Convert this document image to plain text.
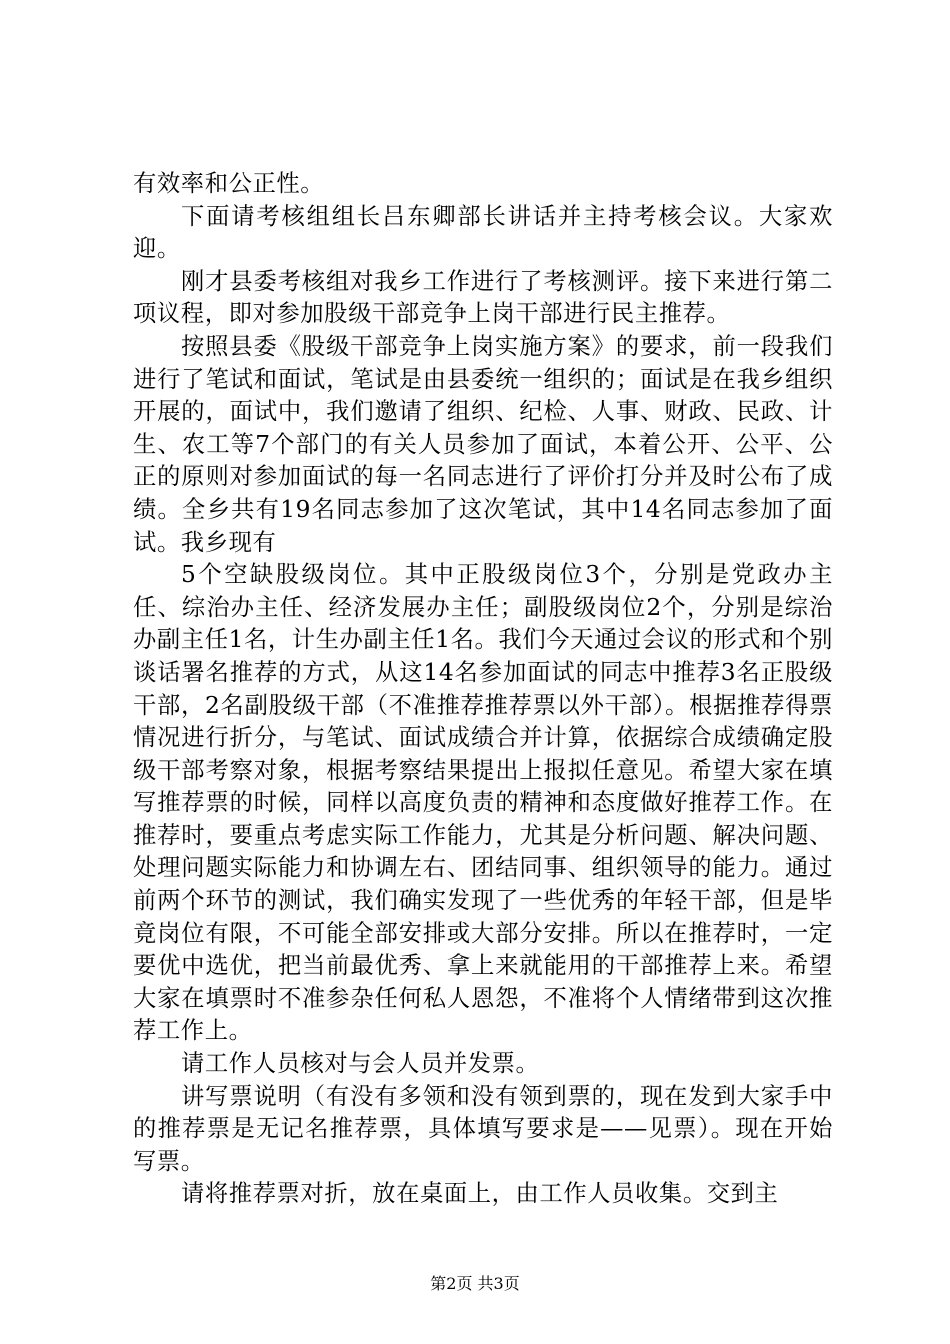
有效率和公正性。

下面请考核组组长吕东卿部长讲话并主持考核会议。大家欢迎。

刚才县委考核组对我乡工作进行了考核测评。接下来进行第二项议程，即对参加股级干部竞争上岗干部进行民主推荐。

按照县委《股级干部竞争上岗实施方案》的要求，前一段我们进行了笔试和面试，笔试是由县委统一组织的；面试是在我乡组织开展的，面试中，我们邀请了组织、纪检、人事、财政、民政、计生、农工等7个部门的有关人员参加了面试，本着公开、公平、公正的原则对参加面试的每一名同志进行了评价打分并及时公布了成绩。全乡共有19名同志参加了这次笔试，其中14名同志参加了面试。我乡现有

5个空缺股级岗位。其中正股级岗位3个，分别是党政办主任、综治办主任、经济发展办主任；副股级岗位2个，分别是综治办副主任1名，计生办副主任1名。我们今天通过会议的形式和个别谈话署名推荐的方式，从这14名参加面试的同志中推荐3名正股级干部，2名副股级干部（不准推荐推荐票以外干部）。根据推荐得票情况进行折分，与笔试、面试成绩合并计算，依据综合成绩确定股级干部考察对象，根据考察结果提出上报拟任意见。希望大家在填写推荐票的时候，同样以高度负责的精神和态度做好推荐工作。在推荐时，要重点考虑实际工作能力，尤其是分析问题、解决问题、处理问题实际能力和协调左右、团结同事、组织领导的能力。通过前两个环节的测试，我们确实发现了一些优秀的年轻干部，但是毕竟岗位有限，不可能全部安排或大部分安排。所以在推荐时，一定要优中选优，把当前最优秀、拿上来就能用的干部推荐上来。希望大家在填票时不准参杂任何私人恩怨，不准将个人情绪带到这次推荐工作上。

请工作人员核对与会人员并发票。

讲写票说明（有没有多领和没有领到票的，现在发到大家手中的推荐票是无记名推荐票，具体填写要求是——见票）。现在开始写票。

请将推荐票对折，放在桌面上，由工作人员收集。交到主

第2页 共3页
